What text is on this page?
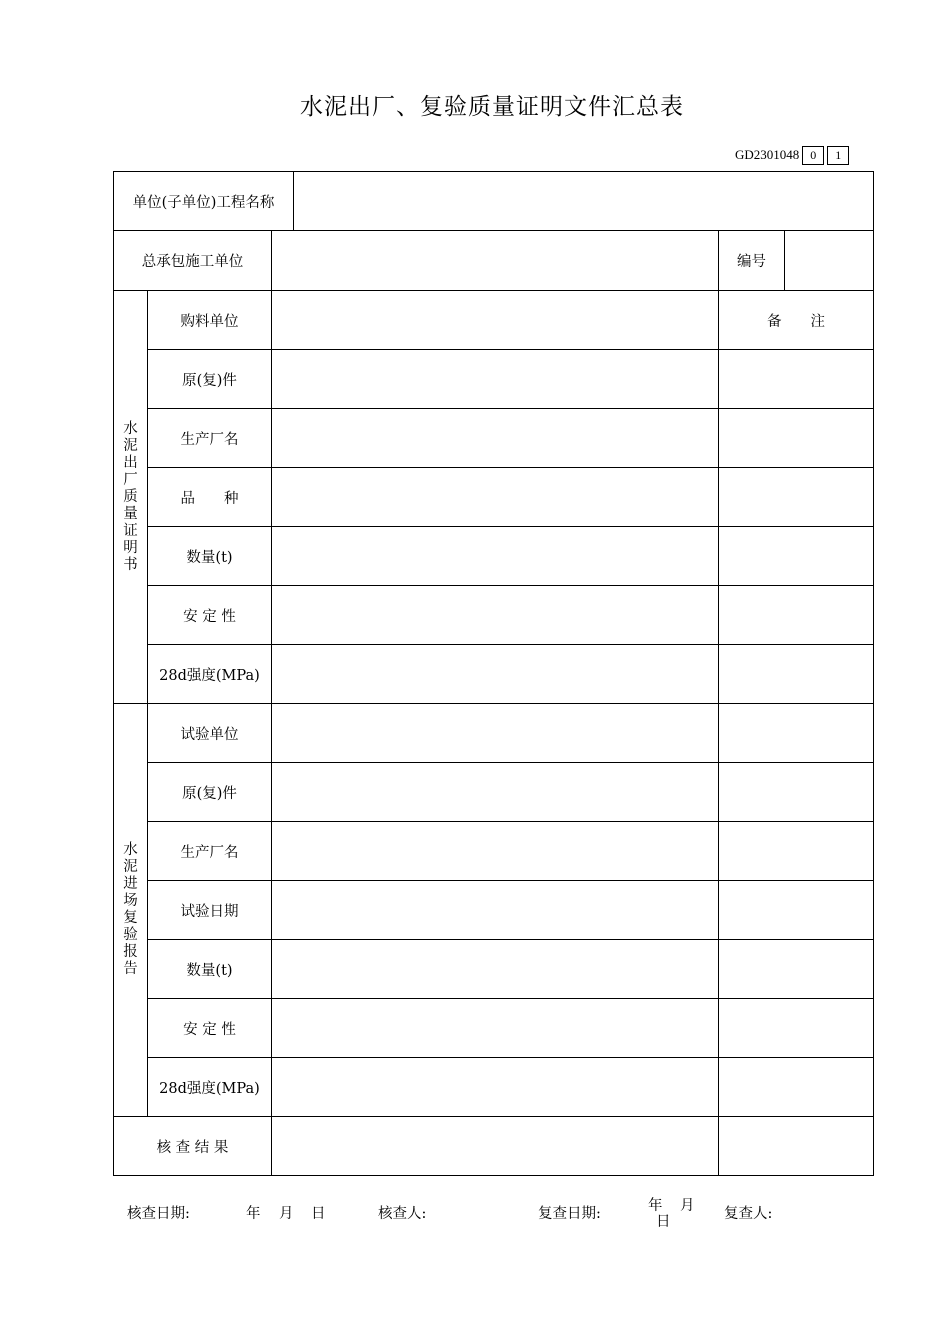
水泥出厂、复验质量证明文件汇总表
GD2301048 0	1
单位(子单位)工程名称					
总承包施工单位				编号	
水泥出厂质量证明书	购料单位			备　　注	
	原(复)件				
	生产厂名				
	品　　种				
	数量(t)				
	安 定 性				
	28d强度(MPa)				
水泥进场复验报告	试验单位				
	原(复)件				
	生产厂名				
	试验日期				
	数量(t)				
	安 定 性				
	28d强度(MPa)				
核 查 结 果					
核查日期:	年 月 日	核查人:	复查日期:	年 月
日	复查人:
